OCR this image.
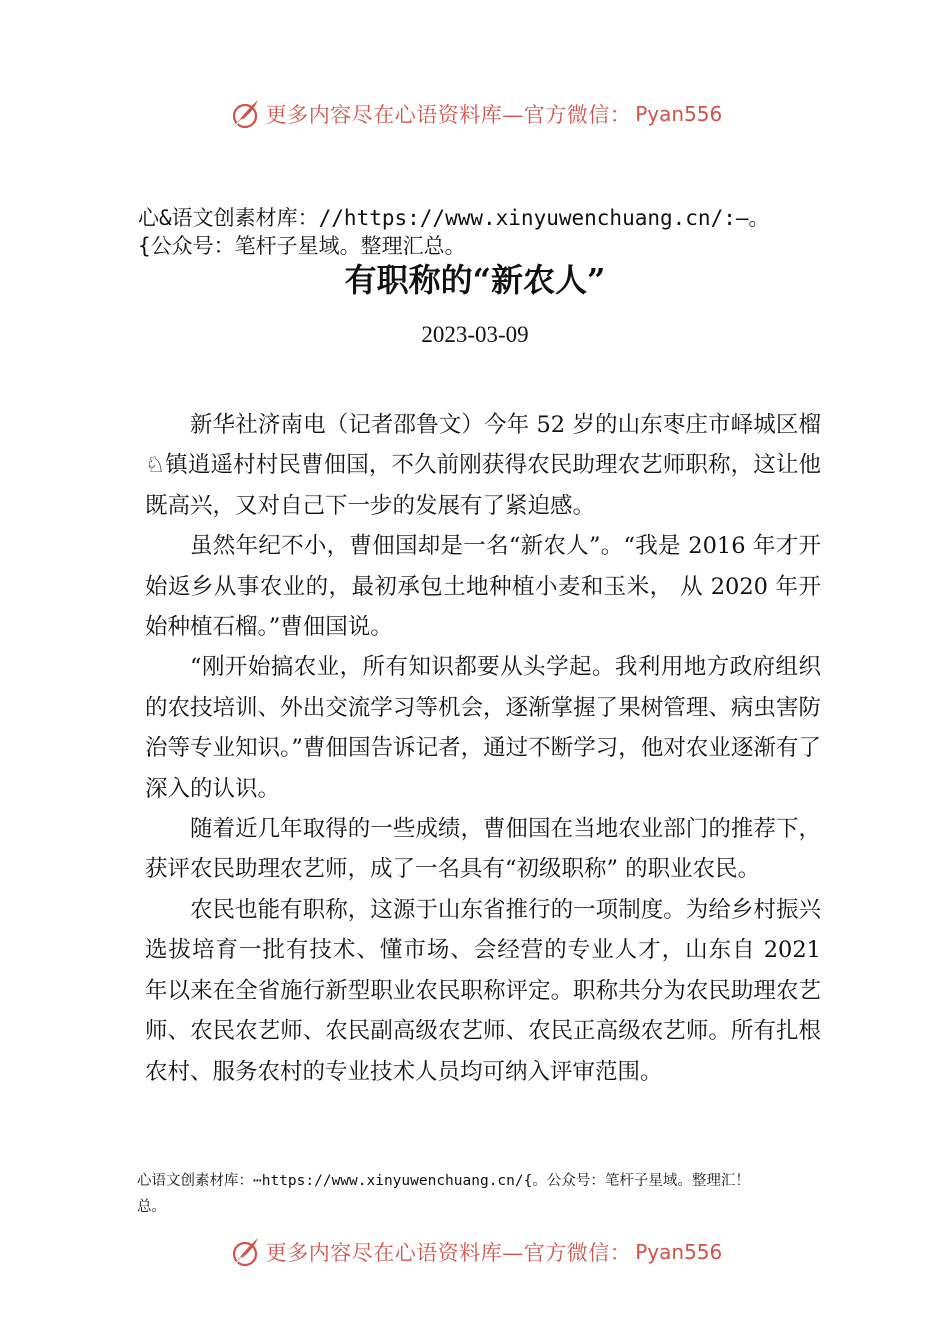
更多内容尽在心语资料库—官方微信： Pyan556
心&语文创素材库：//https://www.xinyuwenchuang.cn/:—。
{公众号：笔杆子星域。整理汇总。
有职称的“新农人”
2023-03-09

新华社济南电（记者邵鲁文）今年 52 岁的山东枣庄市峄城区榴♘镇逍遥村村民曹佃国，不久前刚获得农民助理农艺师职称，这让他既高兴，又对自己下一步的发展有了紧迫感。

虽然年纪不小，曹佃国却是一名“新农人”。“我是 2016 年才开始返乡从事农业的，最初承包土地种植小麦和玉米， 从 2020 年开始种植石榴。”曹佃国说。

“刚开始搞农业，所有知识都要从头学起。我利用地方政府组织的农技培训、外出交流学习等机会，逐渐掌握了果树管理、病虫害防治等专业知识。”曹佃国告诉记者，通过不断学习，他对农业逐渐有了深入的认识。

随着近几年取得的一些成绩，曹佃国在当地农业部门的推荐下，获评农民助理农艺师，成了一名具有“初级职称” 的职业农民。

农民也能有职称，这源于山东省推行的一项制度。为给乡村振兴选拔培育一批有技术、懂市场、会经营的专业人才，山东自 2021 年以来在全省施行新型职业农民职称评定。职称共分为农民助理农艺师、农民农艺师、农民副高级农艺师、农民正高级农艺师。所有扎根农村、服务农村的专业技术人员均可纳入评审范围。

心语文创素材库：⋯https://www.xinyuwenchuang.cn/{。公众号：笔杆子星域。整理汇！
总。
更多内容尽在心语资料库—官方微信： Pyan556
